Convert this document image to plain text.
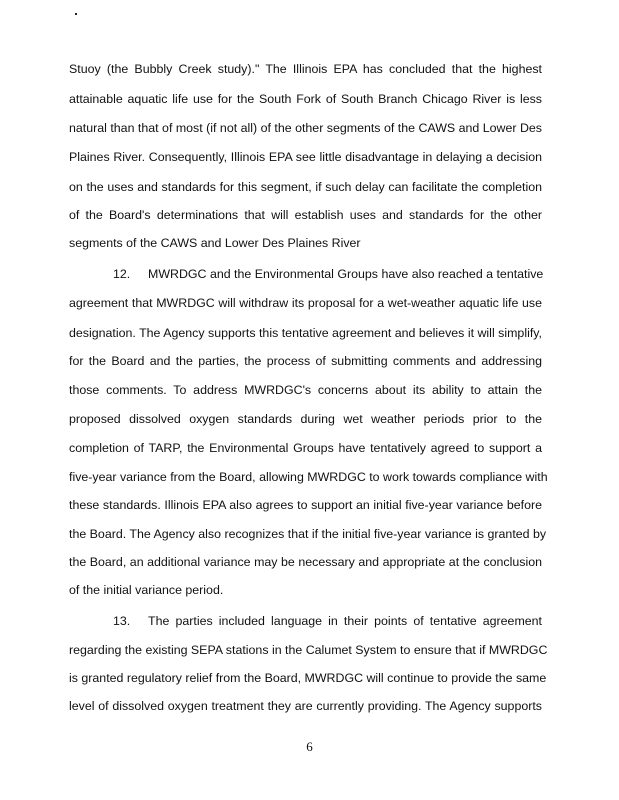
Stuoy (the Bubbly Creek study)." The Illinois EPA has concluded that the highest
attainable aquatic life use for the South Fork of South Branch Chicago River is less
natural than that of most (if not all) of the other segments of the CAWS and Lower Des
Plaines River. Consequently, Illinois EPA see little disadvantage in delaying a decision
on the uses and standards for this segment, if such delay can facilitate the completion
of the Board's determinations that will establish uses and standards for the other
segments of the CAWS and Lower Des Plaines River
12. MWRDGC and the Environmental Groups have also reached a tentative
agreement that MWRDGC will withdraw its proposal for a wet-weather aquatic life use
designation. The Agency supports this tentative agreement and believes it will simplify,
for the Board and the parties, the process of submitting comments and addressing
those comments. To address MWRDGC's concerns about its ability to attain the
proposed dissolved oxygen standards during wet weather periods prior to the
completion of TARP, the Environmental Groups have tentatively agreed to support a
five-year variance from the Board, allowing MWRDGC to work towards compliance with
these standards. Illinois EPA also agrees to support an initial five-year variance before
the Board. The Agency also recognizes that if the initial five-year variance is granted by
the Board, an additional variance may be necessary and appropriate at the conclusion
of the initial variance period.
13. The parties included language in their points of tentative agreement
regarding the existing SEPA stations in the Calumet System to ensure that if MWRDGC
is granted regulatory relief from the Board, MWRDGC will continue to provide the same
level of dissolved oxygen treatment they are currently providing. The Agency supports
6
